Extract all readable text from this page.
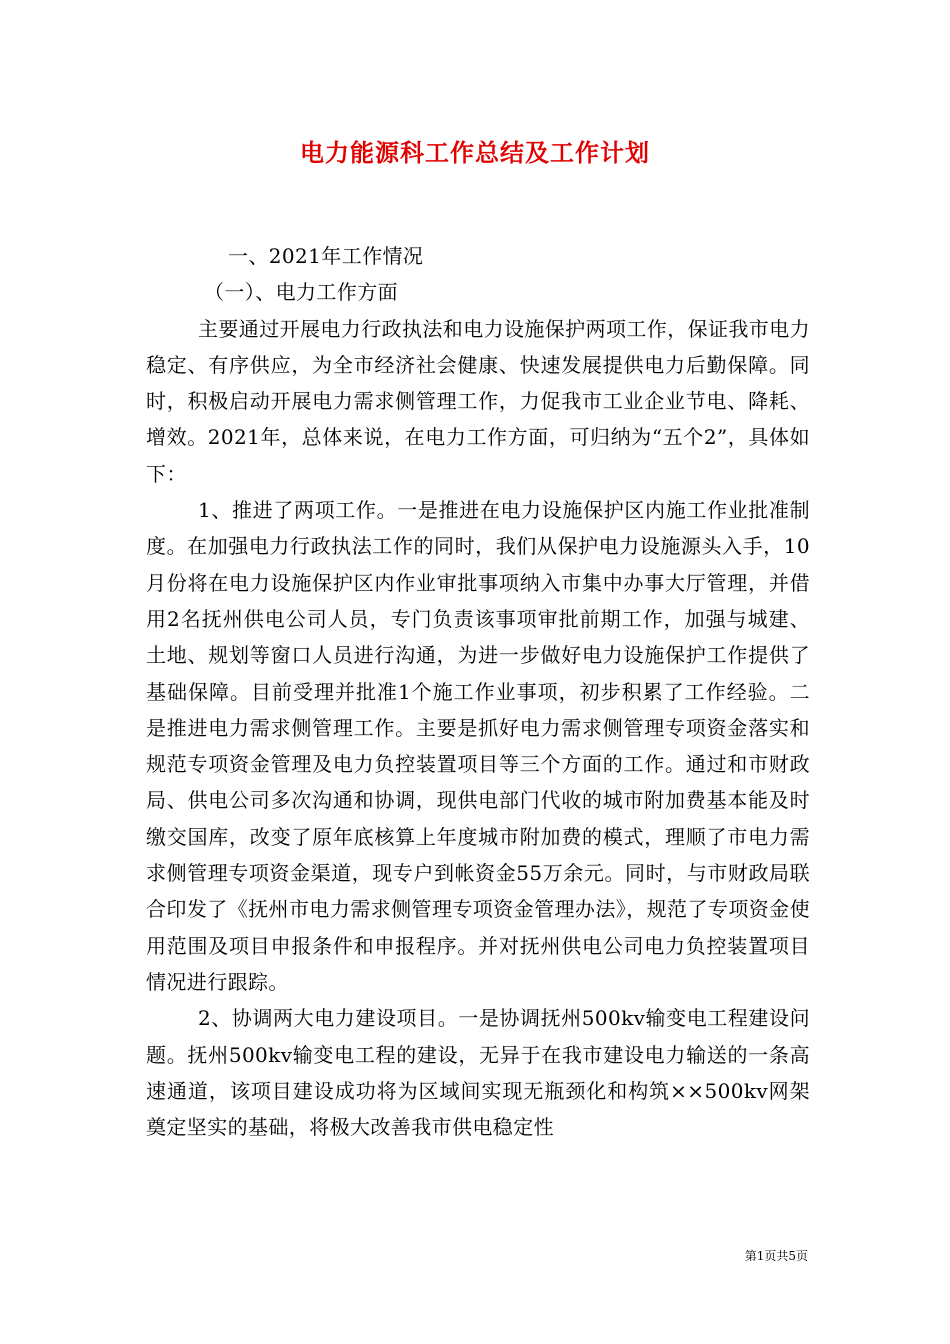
电力能源科工作总结及工作计划

一、2021年工作情况

（一）、电力工作方面

主要通过开展电力行政执法和电力设施保护两项工作，保证我市电力稳定、有序供应，为全市经济社会健康、快速发展提供电力后勤保障。同时，积极启动开展电力需求侧管理工作，力促我市工业企业节电、降耗、增效。2021年，总体来说，在电力工作方面，可归纳为“五个2”，具体如下：

1、推进了两项工作。一是推进在电力设施保护区内施工作业批准制度。在加强电力行政执法工作的同时，我们从保护电力设施源头入手，10月份将在电力设施保护区内作业审批事项纳入市集中办事大厅管理，并借用2名抚州供电公司人员，专门负责该事项审批前期工作，加强与城建、土地、规划等窗口人员进行沟通，为进一步做好电力设施保护工作提供了基础保障。目前受理并批准1个施工作业事项，初步积累了工作经验。二是推进电力需求侧管理工作。主要是抓好电力需求侧管理专项资金落实和规范专项资金管理及电力负控装置项目等三个方面的工作。通过和市财政局、供电公司多次沟通和协调，现供电部门代收的城市附加费基本能及时缴交国库，改变了原年底核算上年度城市附加费的模式，理顺了市电力需求侧管理专项资金渠道，现专户到帐资金55万余元。同时，与市财政局联合印发了《抚州市电力需求侧管理专项资金管理办法》，规范了专项资金使用范围及项目申报条件和申报程序。并对抚州供电公司电力负控装置项目情况进行跟踪。

2、协调两大电力建设项目。一是协调抚州500kv输变电工程建设问题。抚州500kv输变电工程的建设，无异于在我市建设电力输送的一条高速通道，该项目建设成功将为区域间实现无瓶颈化和构筑××500kv网架奠定坚实的基础，将极大改善我市供电稳定性

第1页共5页
